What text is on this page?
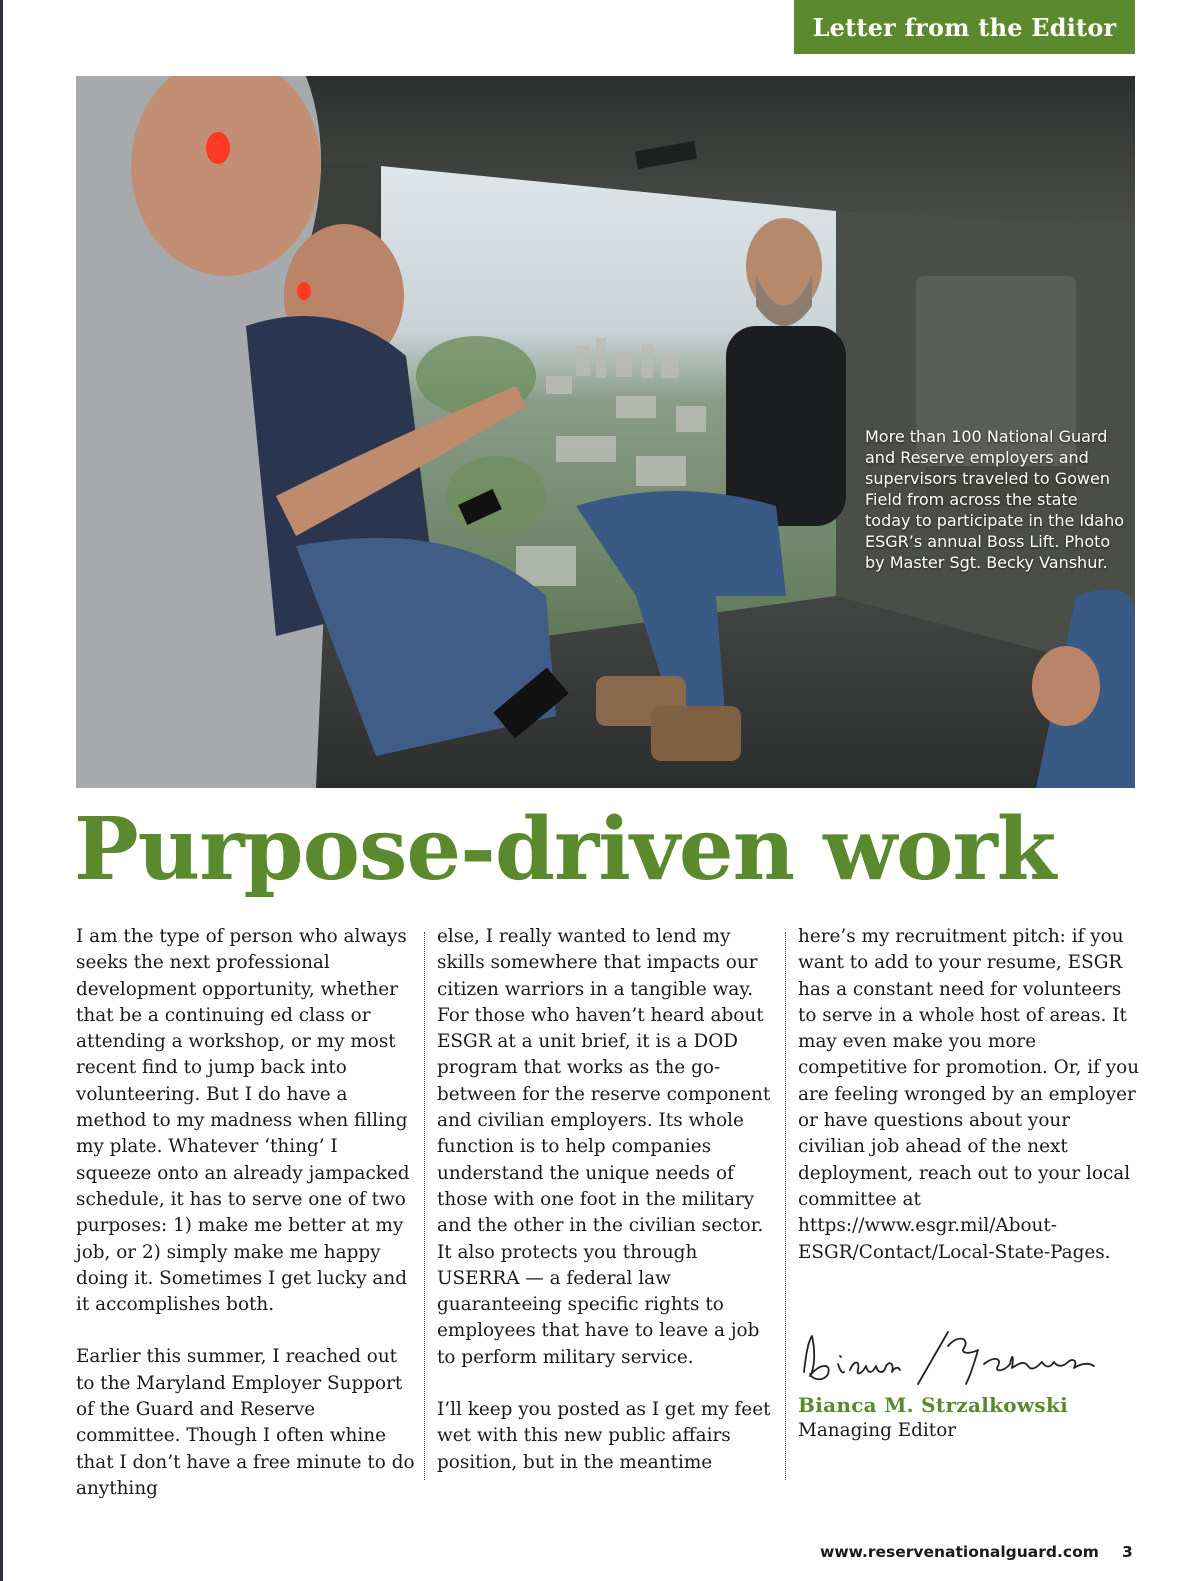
Letter from the Editor
More than 100 National Guard and Reserve employers and supervisors traveled to Gowen Field from across the state today to participate in the Idaho ESGR’s annual Boss Lift. Photo by Master Sgt. Becky Vanshur.
Purpose-driven work

I am the type of person who always seeks the next professional development opportunity, whether that be a continuing ed class or attending a workshop, or my most recent find to jump back into volunteering. But I do have a method to my madness when filling my plate. Whatever ‘thing’ I squeeze onto an already jampacked schedule, it has to serve one of two purposes: 1) make me better at my job, or 2) simply make me happy doing it. Sometimes I get lucky and it accomplishes both.

Earlier this summer, I reached out to the Maryland Employer Support of the Guard and Reserve committee. Though I often whine that I don’t have a free minute to do anything

else, I really wanted to lend my skills somewhere that impacts our citizen warriors in a tangible way. For those who haven’t heard about ESGR at a unit brief, it is a DOD program that works as the go-between for the reserve component and civilian employers. Its whole function is to help companies understand the unique needs of those with one foot in the military and the other in the civilian sector. It also protects you through USERRA — a federal law guaranteeing specific rights to employees that have to leave a job to perform military service.

I’ll keep you posted as I get my feet wet with this new public affairs position, but in the meantime

here’s my recruitment pitch: if you want to add to your resume, ESGR has a constant need for volunteers to serve in a whole host of areas. It may even make you more competitive for promotion. Or, if you are feeling wronged by an employer or have questions about your civilian job ahead of the next deployment, reach out to your local committee at https://www.esgr.mil/About-ESGR/Contact/Local-State-Pages.

Bianca M. Strzalkowski
Managing Editor
www.reservenationalguard.com 3
